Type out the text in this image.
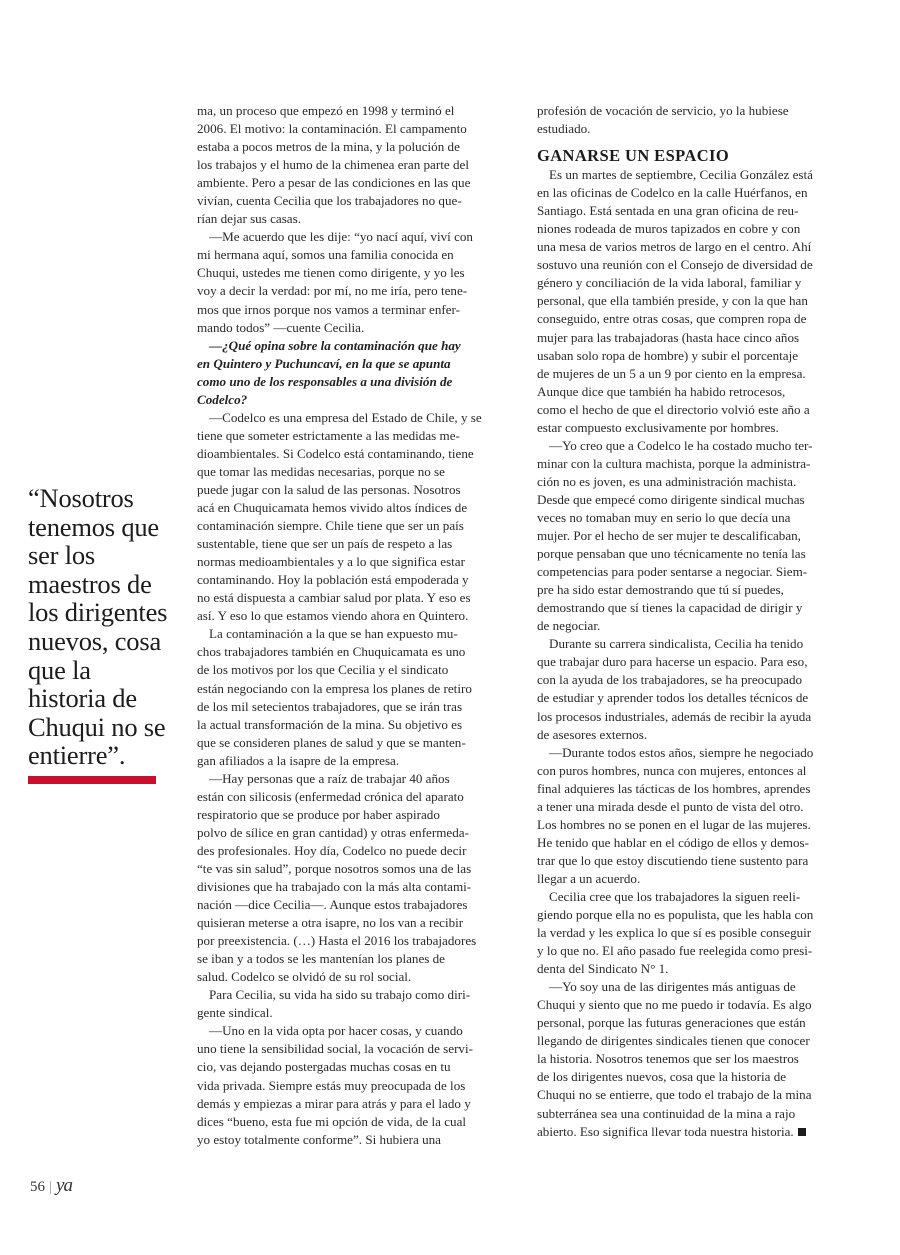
“Nosotros
tenemos que
ser los
maestros de
los dirigentes
nuevos, cosa
que la
historia de
Chuqui no se
entierre”.
ma, un proceso que empezó en 1998 y terminó el
2006. El motivo: la contaminación. El campamento
estaba a pocos metros de la mina, y la polución de
los trabajos y el humo de la chimenea eran parte del
ambiente. Pero a pesar de las condiciones en las que
vivían, cuenta Cecilia que los trabajadores no que-
rían dejar sus casas.
—Me acuerdo que les dije: “yo nací aquí, viví con
mi hermana aquí, somos una familia conocida en
Chuqui, ustedes me tienen como dirigente, y yo les
voy a decir la verdad: por mí, no me iría, pero tene-
mos que irnos porque nos vamos a terminar enfer-
mando todos” —cuente Cecilia.
—¿Qué opina sobre la contaminación que hay
en Quintero y Puchuncaví, en la que se apunta
como uno de los responsables a una división de
Codelco?
—Codelco es una empresa del Estado de Chile, y se
tiene que someter estrictamente a las medidas me-
dioambientales. Si Codelco está contaminando, tiene
que tomar las medidas necesarias, porque no se
puede jugar con la salud de las personas. Nosotros
acá en Chuquicamata hemos vivido altos índices de
contaminación siempre. Chile tiene que ser un país
sustentable, tiene que ser un país de respeto a las
normas medioambientales y a lo que significa estar
contaminando. Hoy la población está empoderada y
no está dispuesta a cambiar salud por plata. Y eso es
así. Y eso lo que estamos viendo ahora en Quintero.
La contaminación a la que se han expuesto mu-
chos trabajadores también en Chuquicamata es uno
de los motivos por los que Cecilia y el sindicato
están negociando con la empresa los planes de retiro
de los mil setecientos trabajadores, que se irán tras
la actual transformación de la mina. Su objetivo es
que se consideren planes de salud y que se manten-
gan afiliados a la isapre de la empresa.
—Hay personas que a raíz de trabajar 40 años
están con silicosis (enfermedad crónica del aparato
respiratorio que se produce por haber aspirado
polvo de sílice en gran cantidad) y otras enfermeda-
des profesionales. Hoy día, Codelco no puede decir
“te vas sin salud”, porque nosotros somos una de las
divisiones que ha trabajado con la más alta contami-
nación —dice Cecilia—. Aunque estos trabajadores
quisieran meterse a otra isapre, no los van a recibir
por preexistencia. (…) Hasta el 2016 los trabajadores
se iban y a todos se les mantenían los planes de
salud. Codelco se olvidó de su rol social.
Para Cecilia, su vida ha sido su trabajo como diri-
gente sindical.
—Uno en la vida opta por hacer cosas, y cuando
uno tiene la sensibilidad social, la vocación de servi-
cio, vas dejando postergadas muchas cosas en tu
vida privada. Siempre estás muy preocupada de los
demás y empiezas a mirar para atrás y para el lado y
dices “bueno, esta fue mi opción de vida, de la cual
yo estoy totalmente conforme”. Si hubiera una
profesión de vocación de servicio, yo la hubiese
estudiado.
GANARSE UN ESPACIO
Es un martes de septiembre, Cecilia González está
en las oficinas de Codelco en la calle Huérfanos, en
Santiago. Está sentada en una gran oficina de reu-
niones rodeada de muros tapizados en cobre y con
una mesa de varios metros de largo en el centro. Ahí
sostuvo una reunión con el Consejo de diversidad de
género y conciliación de la vida laboral, familiar y
personal, que ella también preside, y con la que han
conseguido, entre otras cosas, que compren ropa de
mujer para las trabajadoras (hasta hace cinco años
usaban solo ropa de hombre) y subir el porcentaje
de mujeres de un 5 a un 9 por ciento en la empresa.
Aunque dice que también ha habido retrocesos,
como el hecho de que el directorio volvió este año a
estar compuesto exclusivamente por hombres.
—Yo creo que a Codelco le ha costado mucho ter-
minar con la cultura machista, porque la administra-
ción no es joven, es una administración machista.
Desde que empecé como dirigente sindical muchas
veces no tomaban muy en serio lo que decía una
mujer. Por el hecho de ser mujer te descalificaban,
porque pensaban que uno técnicamente no tenía las
competencias para poder sentarse a negociar. Siem-
pre ha sido estar demostrando que tú sí puedes,
demostrando que sí tienes la capacidad de dirigir y
de negociar.
Durante su carrera sindicalista, Cecilia ha tenido
que trabajar duro para hacerse un espacio. Para eso,
con la ayuda de los trabajadores, se ha preocupado
de estudiar y aprender todos los detalles técnicos de
los procesos industriales, además de recibir la ayuda
de asesores externos.
—Durante todos estos años, siempre he negociado
con puros hombres, nunca con mujeres, entonces al
final adquieres las tácticas de los hombres, aprendes
a tener una mirada desde el punto de vista del otro.
Los hombres no se ponen en el lugar de las mujeres.
He tenido que hablar en el código de ellos y demos-
trar que lo que estoy discutiendo tiene sustento para
llegar a un acuerdo.
Cecilia cree que los trabajadores la siguen reeli-
giendo porque ella no es populista, que les habla con
la verdad y les explica lo que sí es posible conseguir
y lo que no. El año pasado fue reelegida como presi-
denta del Sindicato N° 1.
—Yo soy una de las dirigentes más antiguas de
Chuqui y siento que no me puedo ir todavía. Es algo
personal, porque las futuras generaciones que están
llegando de dirigentes sindicales tienen que conocer
la historia. Nosotros tenemos que ser los maestros
de los dirigentes nuevos, cosa que la historia de
Chuqui no se entierre, que todo el trabajo de la mina
subterránea sea una continuidad de la mina a rajo
abierto. Eso significa llevar toda nuestra historia.
56 | ya
